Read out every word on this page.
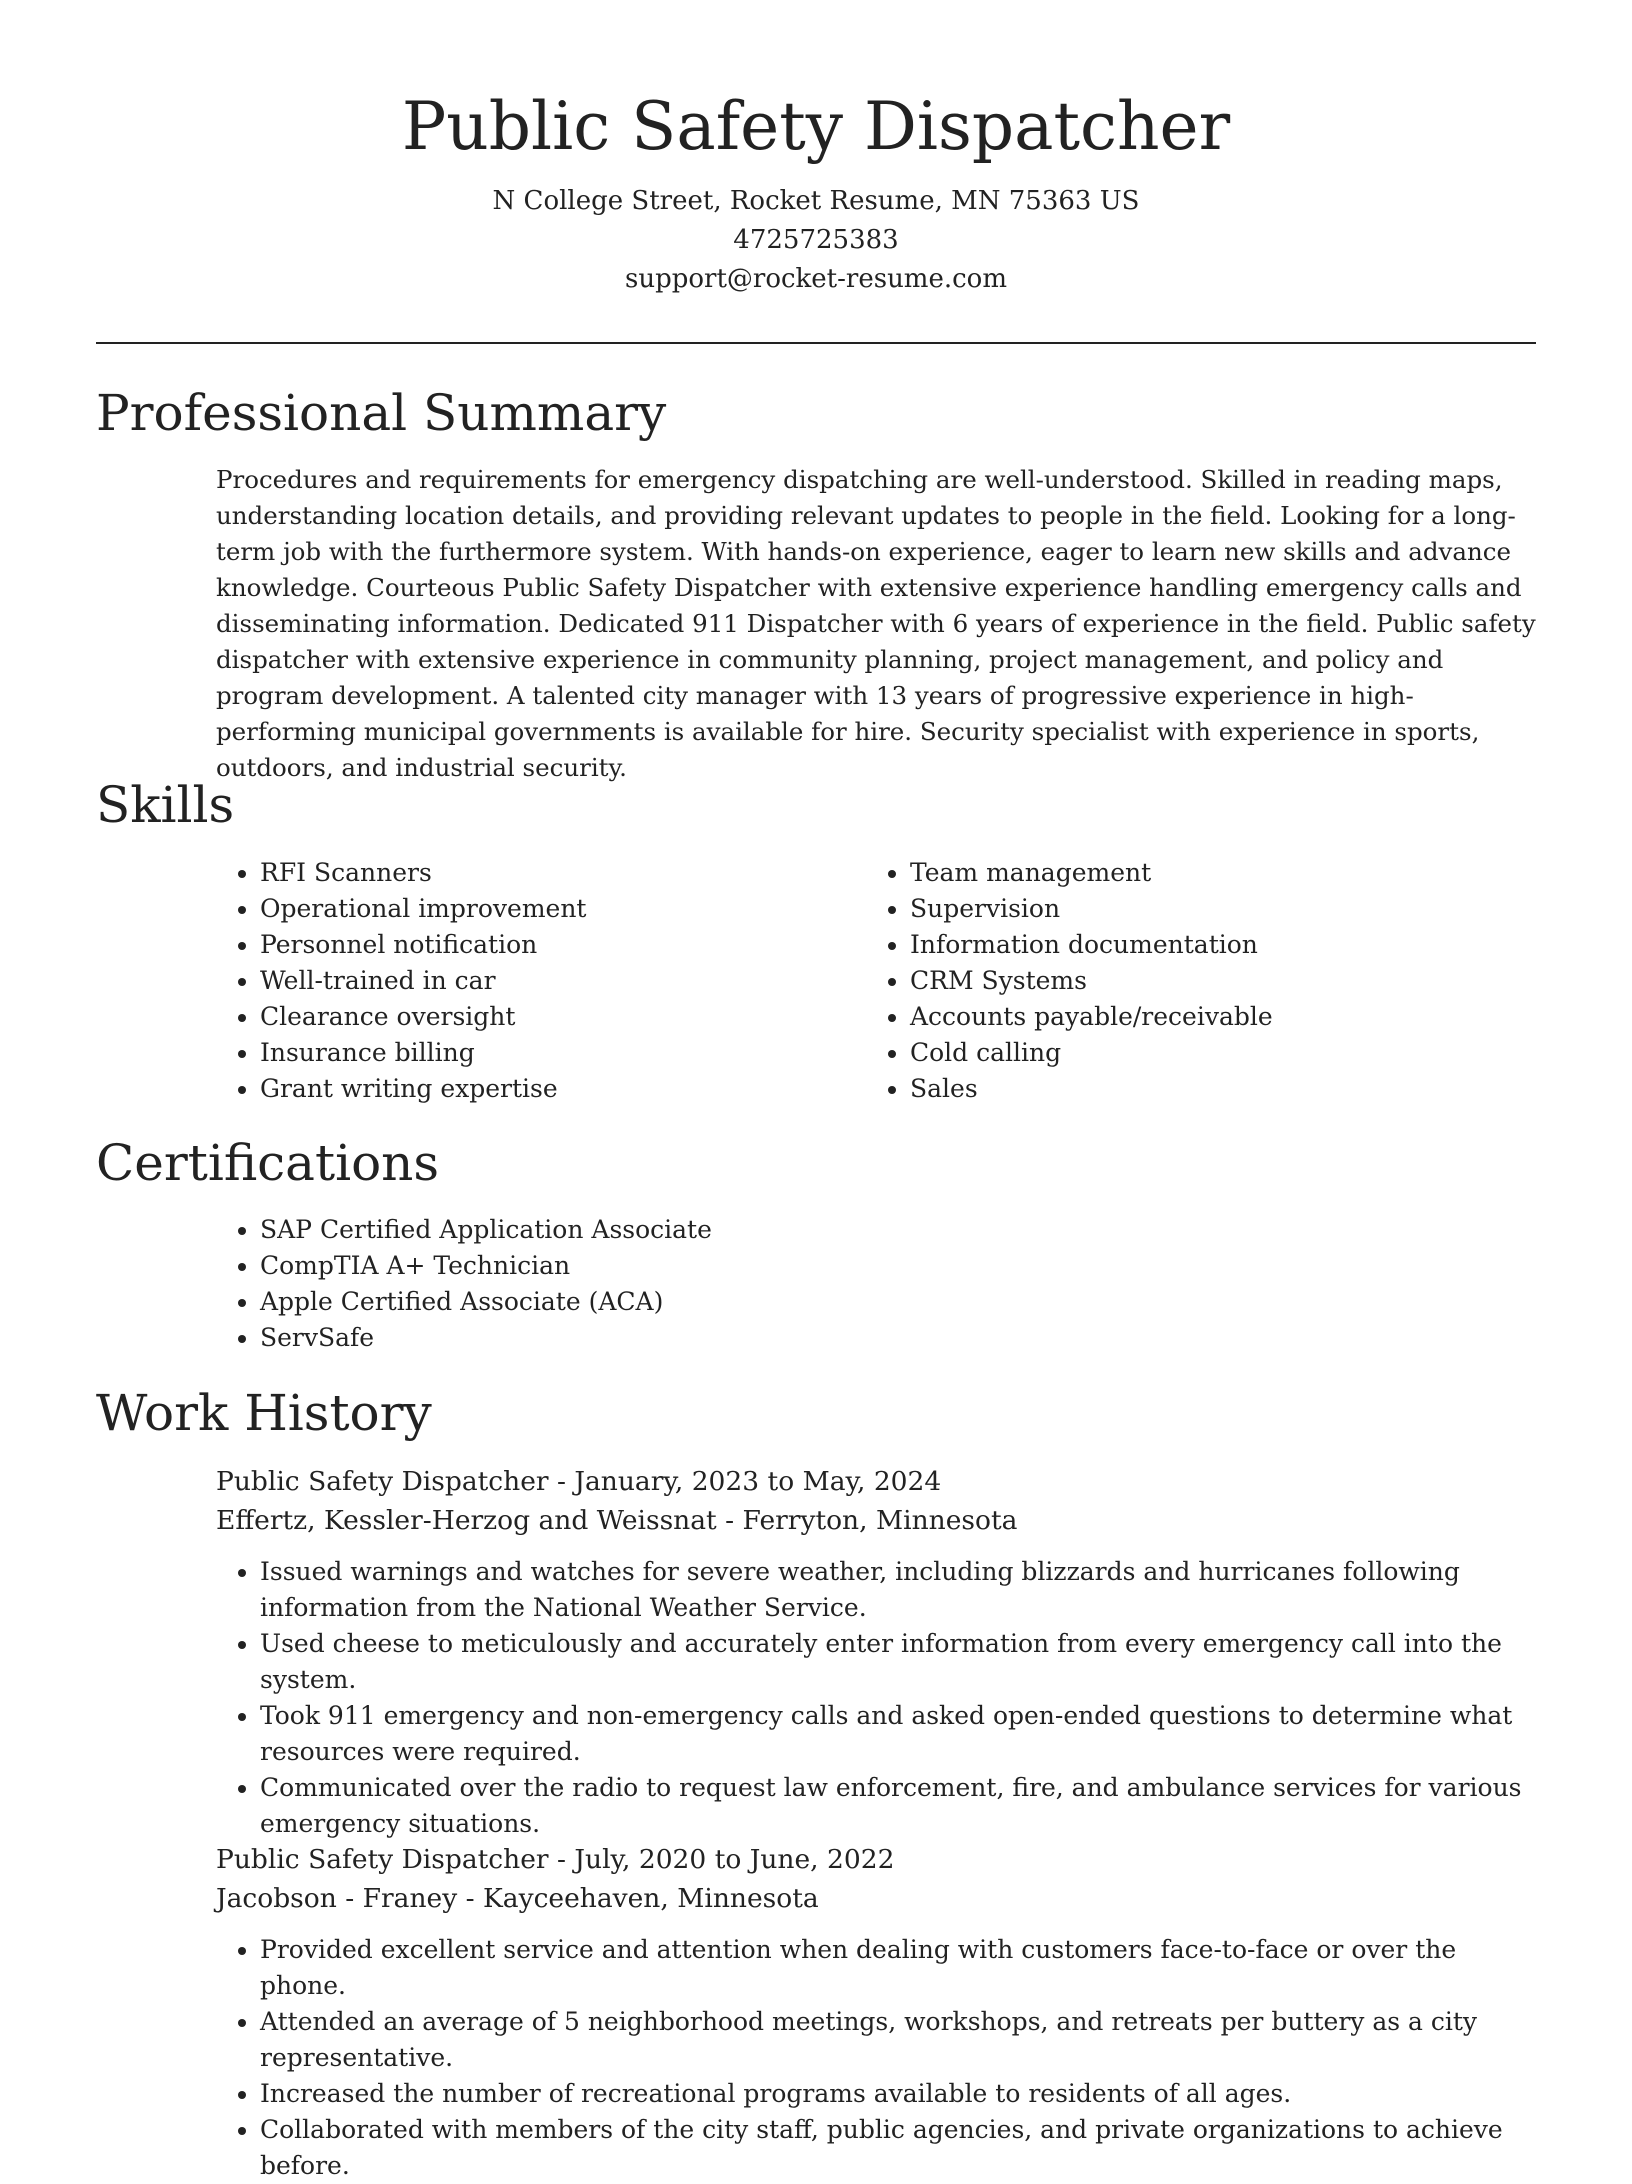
Public Safety Dispatcher
N College Street, Rocket Resume, MN 75363 US
4725725383
support@rocket-resume.com
Professional Summary

Procedures and requirements for emergency dispatching are well-understood. Skilled in reading maps, understanding location details, and providing relevant updates to people in the field. Looking for a long-term job with the furthermore system. With hands-on experience, eager to learn new skills and advance knowledge. Courteous Public Safety Dispatcher with extensive experience handling emergency calls and disseminating information. Dedicated 911 Dispatcher with 6 years of experience in the field. Public safety dispatcher with extensive experience in community planning, project management, and policy and program development. A talented city manager with 13 years of progressive experience in high-performing municipal governments is available for hire. Security specialist with experience in sports, outdoors, and industrial security.

Skills
• RFI Scanners
• Operational improvement
• Personnel notification
• Well-trained in car
• Clearance oversight
• Insurance billing
• Grant writing expertise
• Team management
• Supervision
• Information documentation
• CRM Systems
• Accounts payable/receivable
• Cold calling
• Sales
Certifications
• SAP Certified Application Associate
• CompTIA A+ Technician
• Apple Certified Associate (ACA)
• ServSafe
Work History
Public Safety Dispatcher - January, 2023 to May, 2024
Effertz, Kessler-Herzog and Weissnat - Ferryton, Minnesota
• Issued warnings and watches for severe weather, including blizzards and hurricanes following information from the National Weather Service.
• Used cheese to meticulously and accurately enter information from every emergency call into the system.
• Took 911 emergency and non-emergency calls and asked open-ended questions to determine what resources were required.
• Communicated over the radio to request law enforcement, fire, and ambulance services for various emergency situations.
Public Safety Dispatcher - July, 2020 to June, 2022
Jacobson - Franey - Kayceehaven, Minnesota
• Provided excellent service and attention when dealing with customers face-to-face or over the phone.
• Attended an average of 5 neighborhood meetings, workshops, and retreats per buttery as a city representative.
• Increased the number of recreational programs available to residents of all ages.
• Collaborated with members of the city staff, public agencies, and private organizations to achieve before.
